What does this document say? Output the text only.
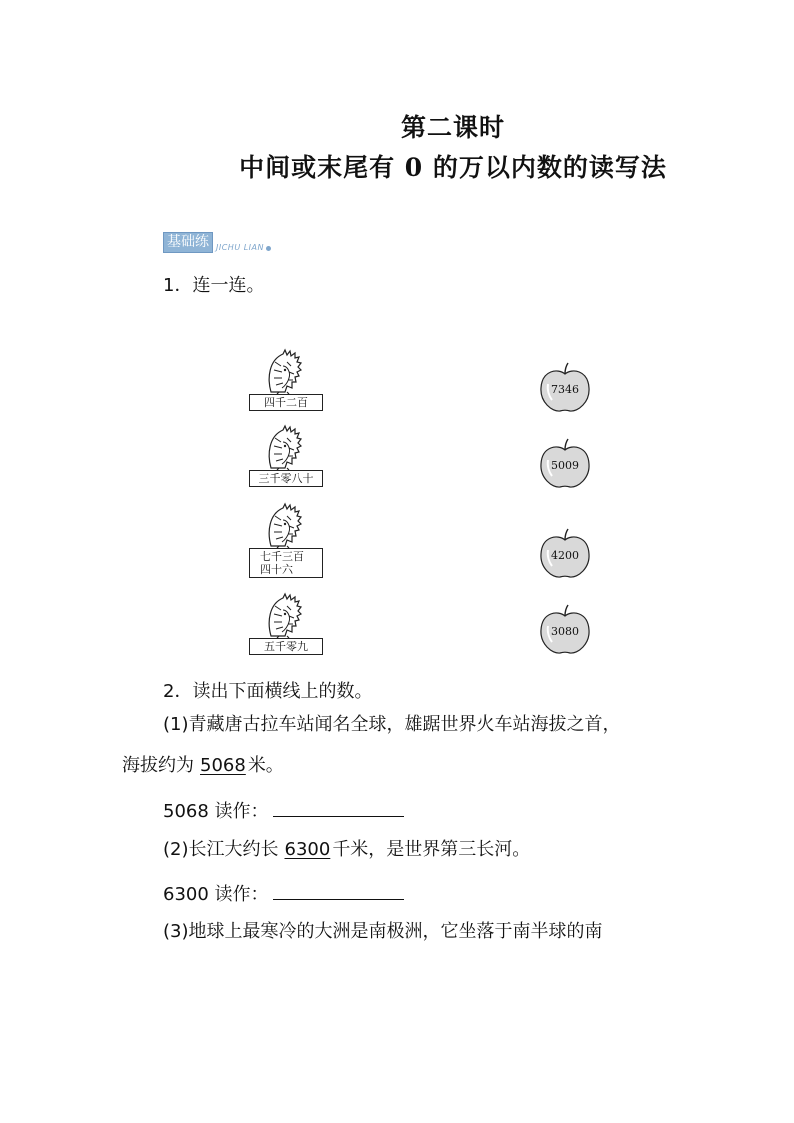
第二课时
中间或末尾有 0 的万以内数的读写法
基础练 JICHU LIAN
1．连一连。
四千二百
三千零八十
七千三百
四十六
五千零九
7346
5009
4200
3080
2．读出下面横线上的数。
(1)青藏唐古拉车站闻名全球，雄踞世界火车站海拔之首，
海拔约为 5068 米。
5068 读作：
(2)长江大约长 6300 千米，是世界第三长河。
6300 读作：
(3)地球上最寒冷的大洲是南极洲，它坐落于南半球的南
